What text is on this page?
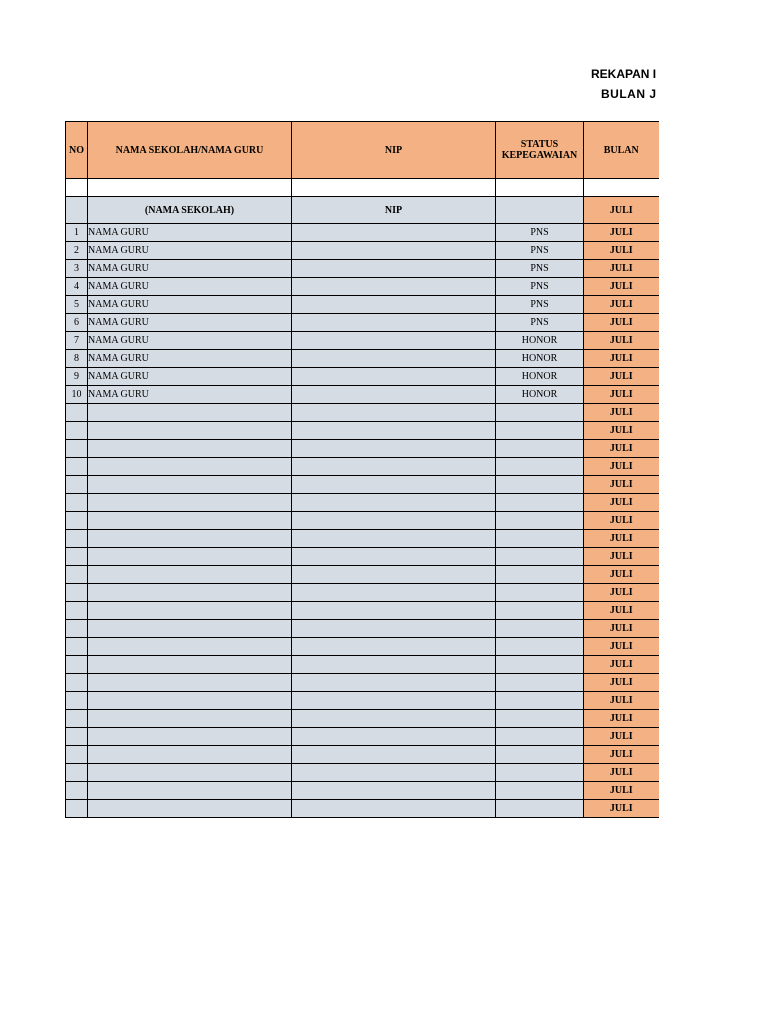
REKAPAN I
BULAN J
NO	NAMA SEKOLAH/NAMA GURU	NIP	STATUS KEPEGAWAIAN	BULAN

	(NAMA SEKOLAH)	NIP		JULI
1	NAMA GURU		PNS	JULI
2	NAMA GURU		PNS	JULI
3	NAMA GURU		PNS	JULI
4	NAMA GURU		PNS	JULI
5	NAMA GURU		PNS	JULI
6	NAMA GURU		PNS	JULI
7	NAMA GURU		HONOR	JULI
8	NAMA GURU		HONOR	JULI
9	NAMA GURU		HONOR	JULI
10	NAMA GURU		HONOR	JULI
				JULI
				JULI
				JULI
				JULI
				JULI
				JULI
				JULI
				JULI
				JULI
				JULI
				JULI
				JULI
				JULI
				JULI
				JULI
				JULI
				JULI
				JULI
				JULI
				JULI
				JULI
				JULI
				JULI
